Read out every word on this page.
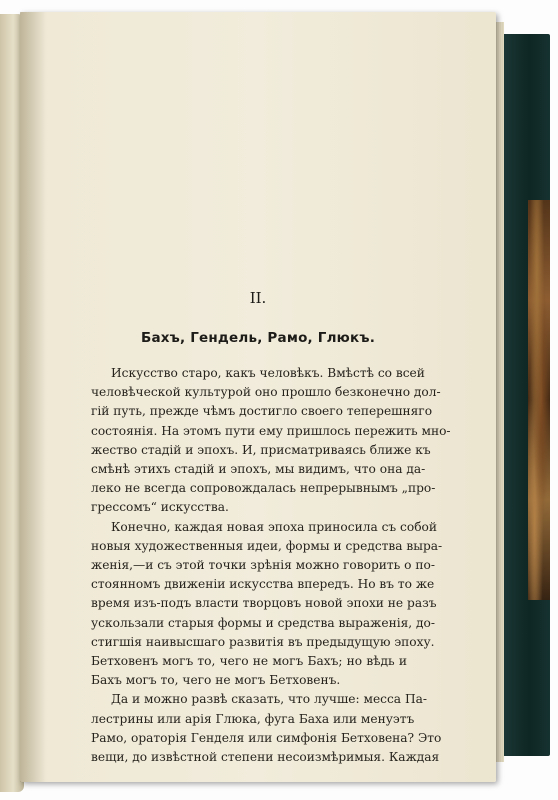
II.
Бахъ, Гендель, Рамо, Глюкъ.
Искусство старо, какъ человѣкъ. Вмѣстѣ со всей
человѣческой культурой оно прошло безконечно дол-
гій путь, прежде чѣмъ достигло своего теперешняго
состоянія. На этомъ пути ему пришлось пережить мно-
жество стадій и эпохъ. И, присматриваясь ближе къ
смѣнѣ этихъ стадій и эпохъ, мы видимъ, что она да-
леко не всегда сопровождалась непрерывнымъ „про-
грессомъ“ искусства.
Конечно, каждая новая эпоха приносила съ собой
новыя художественныя идеи, формы и средства выра-
женія,—и съ этой точки зрѣнія можно говорить о по-
стоянномъ движеніи искусства впередъ. Но въ то же
время изъ-подъ власти творцовъ новой эпохи не разъ
ускользали старыя формы и средства выраженія, до-
стигшія наивысшаго развитія въ предыдущую эпоху.
Бетховенъ могъ то, чего не могъ Бахъ; но вѣдь и
Бахъ могъ то, чего не могъ Бетховенъ.
Да и можно развѣ сказать, что лучше: месса Па-
лестрины или арія Глюка, фуга Баха или менуэтъ
Рамо, ораторія Генделя или симфонія Бетховена? Это
вещи, до извѣстной степени несоизмѣримыя. Каждая
